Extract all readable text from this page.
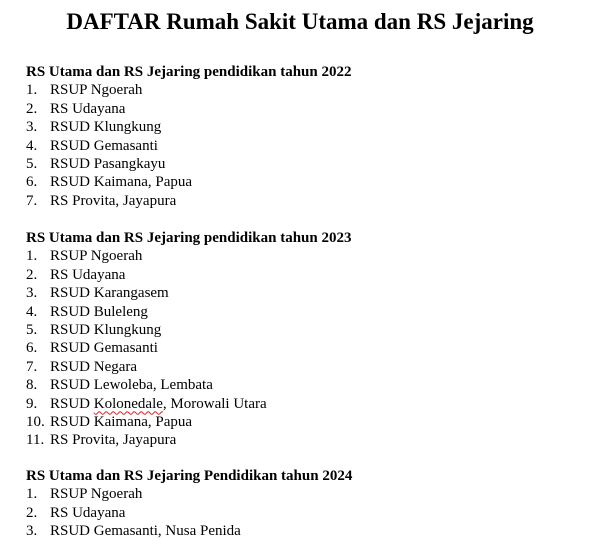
DAFTAR Rumah Sakit Utama dan RS Jejaring
RS Utama dan RS Jejaring pendidikan tahun 2022
1. RSUP Ngoerah
2. RS Udayana
3. RSUD Klungkung
4. RSUD Gemasanti
5. RSUD Pasangkayu
6. RSUD Kaimana, Papua
7. RS Provita, Jayapura
RS Utama dan RS Jejaring pendidikan tahun 2023
1. RSUP Ngoerah
2. RS Udayana
3. RSUD Karangasem
4. RSUD Buleleng
5. RSUD Klungkung
6. RSUD Gemasanti
7. RSUD Negara
8. RSUD Lewoleba, Lembata
9. RSUD Kolonedale, Morowali Utara
10. RSUD Kaimana, Papua
11. RS Provita, Jayapura
RS Utama dan RS Jejaring Pendidikan tahun 2024
1. RSUP Ngoerah
2. RS Udayana
3. RSUD Gemasanti, Nusa Penida
